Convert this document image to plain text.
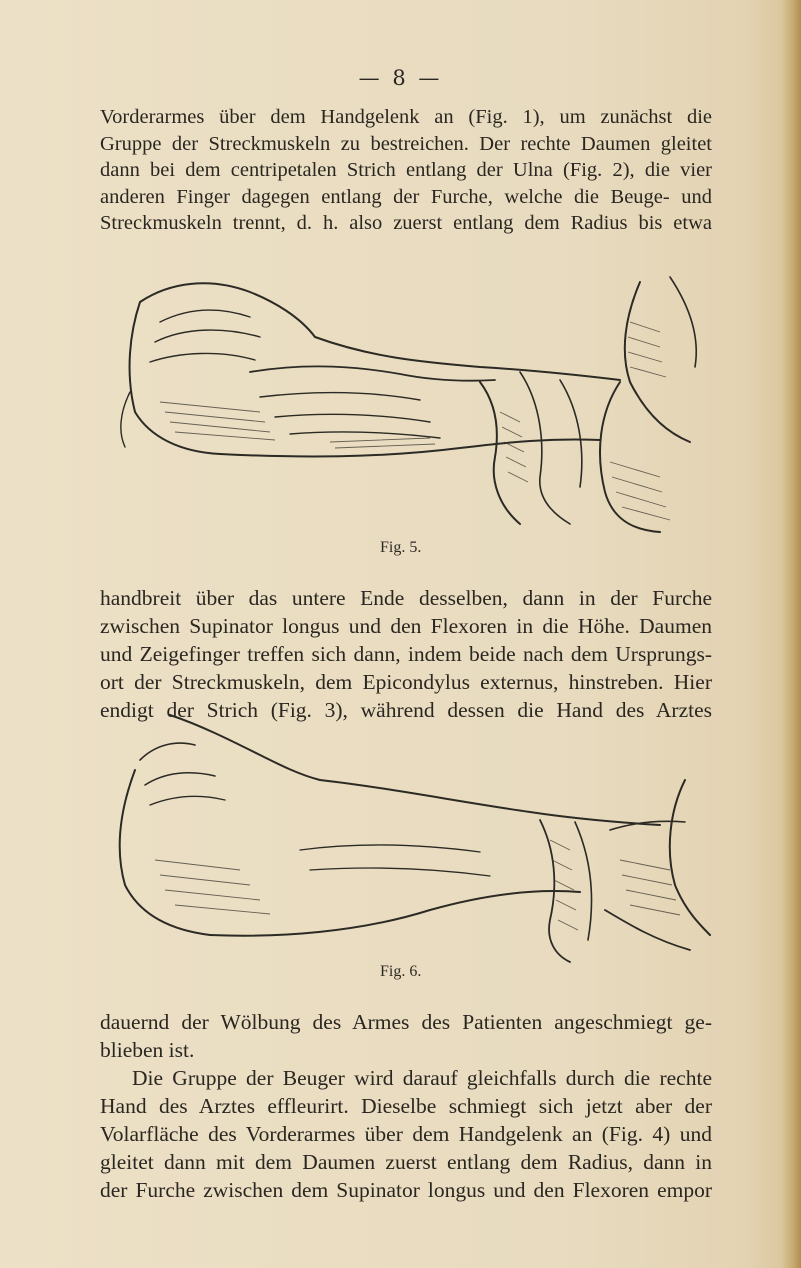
— 8 —
Vorderarmes über dem Handgelenk an (Fig. 1), um zunächst die
Gruppe der Streckmuskeln zu bestreichen. Der rechte Daumen gleitet
dann bei dem centripetalen Strich entlang der Ulna (Fig. 2), die vier
anderen Finger dagegen entlang der Furche, welche die Beuge- und
Streckmuskeln trennt, d. h. also zuerst entlang dem Radius bis etwa
Fig. 5.
handbreit über das untere Ende desselben, dann in der Furche
zwischen Supinator longus und den Flexoren in die Höhe. Daumen
und Zeigefinger treffen sich dann, indem beide nach dem Ursprungs-
ort der Streckmuskeln, dem Epicondylus externus, hinstreben. Hier
endigt der Strich (Fig. 3), während dessen die Hand des Arztes
Fig. 6.
dauernd der Wölbung des Armes des Patienten angeschmiegt ge-
blieben ist.
Die Gruppe der Beuger wird darauf gleichfalls durch die rechte
Hand des Arztes effleurirt. Dieselbe schmiegt sich jetzt aber der
Volarfläche des Vorderarmes über dem Handgelenk an (Fig. 4) und
gleitet dann mit dem Daumen zuerst entlang dem Radius, dann in
der Furche zwischen dem Supinator longus und den Flexoren empor
